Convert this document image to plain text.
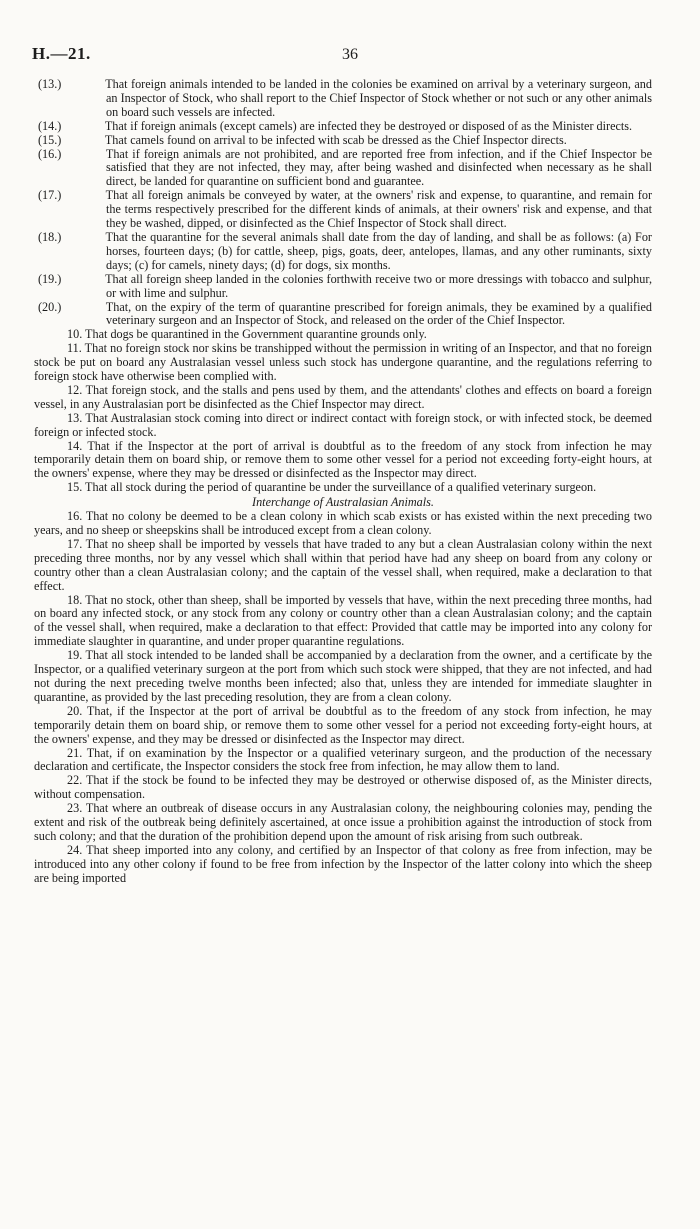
H.—21.	36

(13.)	That foreign animals intended to be landed in the colonies be examined on arrival by a veterinary surgeon, and an Inspector of Stock, who shall report to the Chief Inspector of Stock whether or not such or any other animals on board such vessels are infected.

(14.)	That if foreign animals (except camels) are infected they be destroyed or disposed of as the Minister directs.

(15.)	That camels found on arrival to be infected with scab be dressed as the Chief Inspector directs.

(16.)	That if foreign animals are not prohibited, and are reported free from infection, and if the Chief Inspector be satisfied that they are not infected, they may, after being washed and disinfected when necessary as he shall direct, be landed for quarantine on sufficient bond and guarantee.

(17.)	That all foreign animals be conveyed by water, at the owners' risk and expense, to quarantine, and remain for the terms respectively prescribed for the different kinds of animals, at their owners' risk and expense, and that they be washed, dipped, or disinfected as the Chief Inspector of Stock shall direct.

(18.)	That the quarantine for the several animals shall date from the day of landing, and shall be as follows: (a) For horses, fourteen days; (b) for cattle, sheep, pigs, goats, deer, antelopes, llamas, and any other ruminants, sixty days; (c) for camels, ninety days; (d) for dogs, six months.

(19.)	That all foreign sheep landed in the colonies forthwith receive two or more dressings with tobacco and sulphur, or with lime and sulphur.

(20.)	That, on the expiry of the term of quarantine prescribed for foreign animals, they be examined by a qualified veterinary surgeon and an Inspector of Stock, and released on the order of the Chief Inspector.

10. That dogs be quarantined in the Government quarantine grounds only.

11. That no foreign stock nor skins be transhipped without the permission in writing of an Inspector, and that no foreign stock be put on board any Australasian vessel unless such stock has undergone quarantine, and the regulations referring to foreign stock have otherwise been complied with.

12. That foreign stock, and the stalls and pens used by them, and the attendants' clothes and effects on board a foreign vessel, in any Australasian port be disinfected as the Chief Inspector may direct.

13. That Australasian stock coming into direct or indirect contact with foreign stock, or with infected stock, be deemed foreign or infected stock.

14. That if the Inspector at the port of arrival is doubtful as to the freedom of any stock from infection he may temporarily detain them on board ship, or remove them to some other vessel for a period not exceeding forty-eight hours, at the owners' expense, where they may be dressed or disinfected as the Inspector may direct.

15. That all stock during the period of quarantine be under the surveillance of a qualified veterinary surgeon.

Interchange of Australasian Animals.

16. That no colony be deemed to be a clean colony in which scab exists or has existed within the next preceding two years, and no sheep or sheepskins shall be introduced except from a clean colony.

17. That no sheep shall be imported by vessels that have traded to any but a clean Australasian colony within the next preceding three months, nor by any vessel which shall within that period have had any sheep on board from any colony or country other than a clean Australasian colony; and the captain of the vessel shall, when required, make a declaration to that effect.

18. That no stock, other than sheep, shall be imported by vessels that have, within the next preceding three months, had on board any infected stock, or any stock from any colony or country other than a clean Australasian colony; and the captain of the vessel shall, when required, make a declaration to that effect: Provided that cattle may be imported into any colony for immediate slaughter in quarantine, and under proper quarantine regulations.

19. That all stock intended to be landed shall be accompanied by a declaration from the owner, and a certificate by the Inspector, or a qualified veterinary surgeon at the port from which such stock were shipped, that they are not infected, and had not during the next preceding twelve months been infected; also that, unless they are intended for immediate slaughter in quarantine, as provided by the last preceding resolution, they are from a clean colony.

20. That, if the Inspector at the port of arrival be doubtful as to the freedom of any stock from infection, he may temporarily detain them on board ship, or remove them to some other vessel for a period not exceeding forty-eight hours, at the owners' expense, and they may be dressed or disinfected as the Inspector may direct.

21. That, if on examination by the Inspector or a qualified veterinary surgeon, and the production of the necessary declaration and certificate, the Inspector considers the stock free from infection, he may allow them to land.

22. That if the stock be found to be infected they may be destroyed or otherwise disposed of, as the Minister directs, without compensation.

23. That where an outbreak of disease occurs in any Australasian colony, the neighbouring colonies may, pending the extent and risk of the outbreak being definitely ascertained, at once issue a prohibition against the introduction of stock from such colony; and that the duration of the prohibition depend upon the amount of risk arising from such outbreak.

24. That sheep imported into any colony, and certified by an Inspector of that colony as free from infection, may be introduced into any other colony if found to be free from infection by the Inspector of the latter colony into which the sheep are being imported
